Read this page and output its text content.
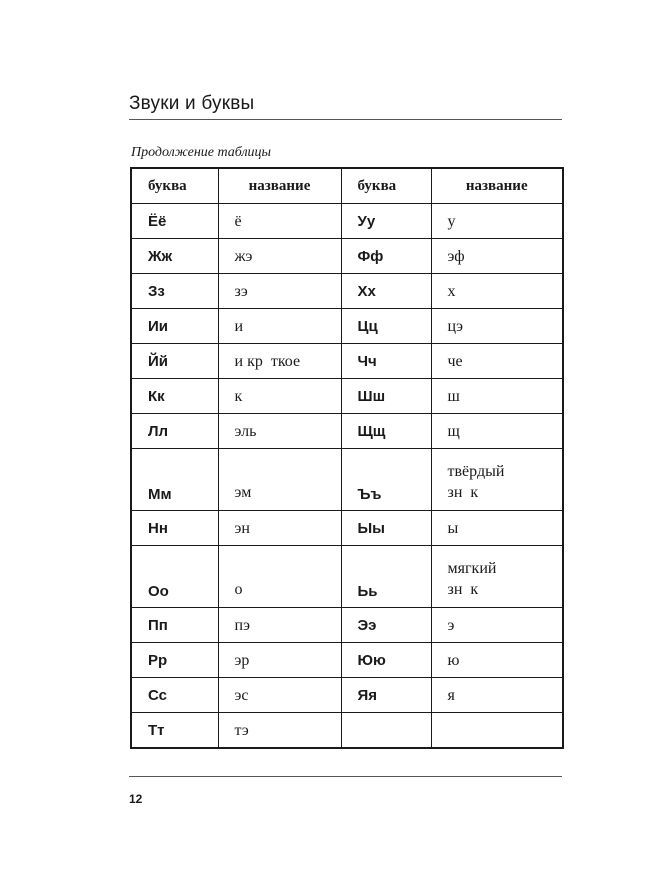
Звуки и буквы
Продолжение таблицы
буква	название	буква	название
Ёё	ё	Уу	у
Жж	жэ	Фф	эф
Зз	зэ	Хх	х
Ии	и	Цц	цэ
Йй	и кр  ткое	Чч	че
Кк	к	Шш	ш
Лл	эль	Щщ	щ
Мм	эм	Ъъ	твёрдый
зн  к

Нн	эн	Ыы	ы
Оо	о	Ьь	мягкий
зн  к

Пп	пэ	Ээ	э
Рр	эр	Юю	ю
Сс	эс	Яя	я
Тт	тэ		
12
